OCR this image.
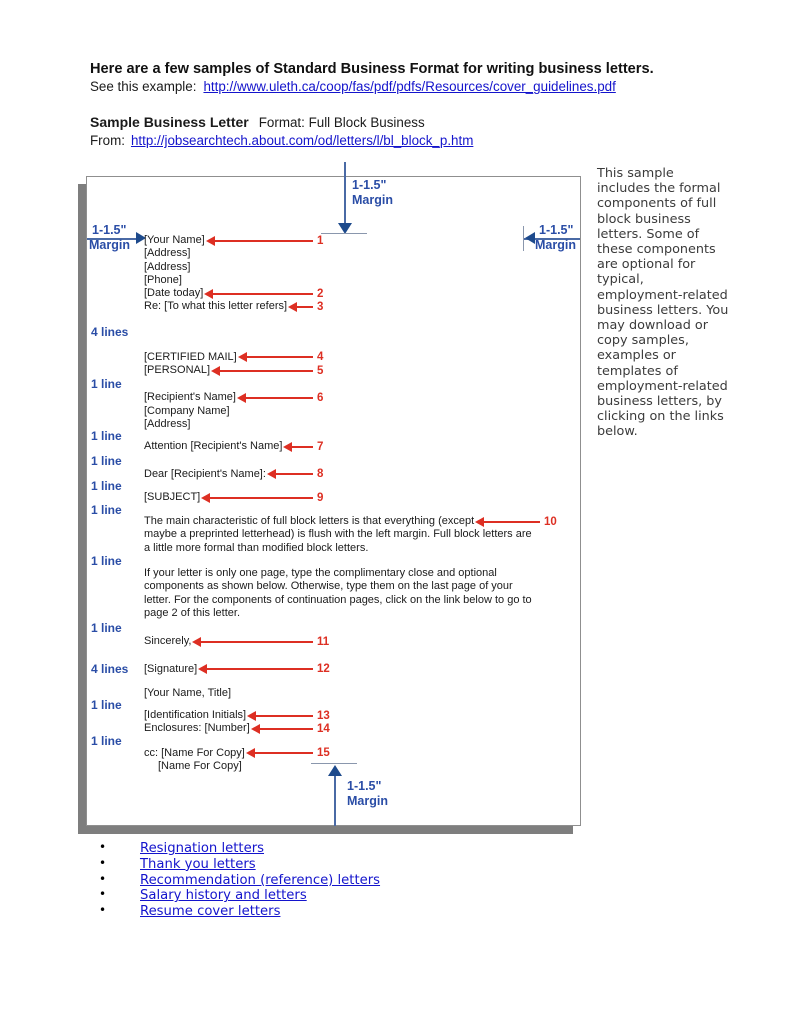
Here are a few samples of Standard Business Format for writing business letters.
See this example: http://www.uleth.ca/coop/fas/pdf/pdfs/Resources/cover_guidelines.pdf
Sample Business Letter Format: Full Block Business
From: http://jobsearchtech.about.com/od/letters/l/bl_block_p.htm
1-1.5"
Margin
1-1.5"
Margin
1-1.5"
Margin
1-1.5"
Margin
[Your Name]	1
[Address]
[Address]
[Phone]
[Date today]	2
Re: [To what this letter refers]	3
4 lines
[CERTIFIED MAIL]	4
[PERSONAL]	5
1 line
[Recipient's Name]	6
[Company Name]
[Address]
1 line
Attention [Recipient's Name]	7
1 line
Dear [Recipient's Name]:	8
1 line
[SUBJECT]	9
1 line
The main characteristic of full block letters is that everything (except	10
maybe a preprinted letterhead) is flush with the left margin. Full block letters are a little more formal than modified block letters.
1 line
If your letter is only one page, type the complimentary close and optional components as shown below. Otherwise, type them on the last page of your letter. For the components of continuation pages, click on the link below to go to page 2 of this letter.
1 line
Sincerely,	11
[Signature]	12
4 lines
[Your Name, Title]
1 line
[Identification Initials]	13
Enclosures: [Number]	14
1 line
cc: [Name For Copy]	15
[Name For Copy]
This sample includes the formal components of full block business letters. Some of these components are optional for typical, employment-related business letters. You may download or copy samples, examples or templates of employment-related business letters, by clicking on the links below.
•	Resignation letters
•	Thank you letters
•	Recommendation (reference) letters
•	Salary history and letters
•	Resume cover letters
